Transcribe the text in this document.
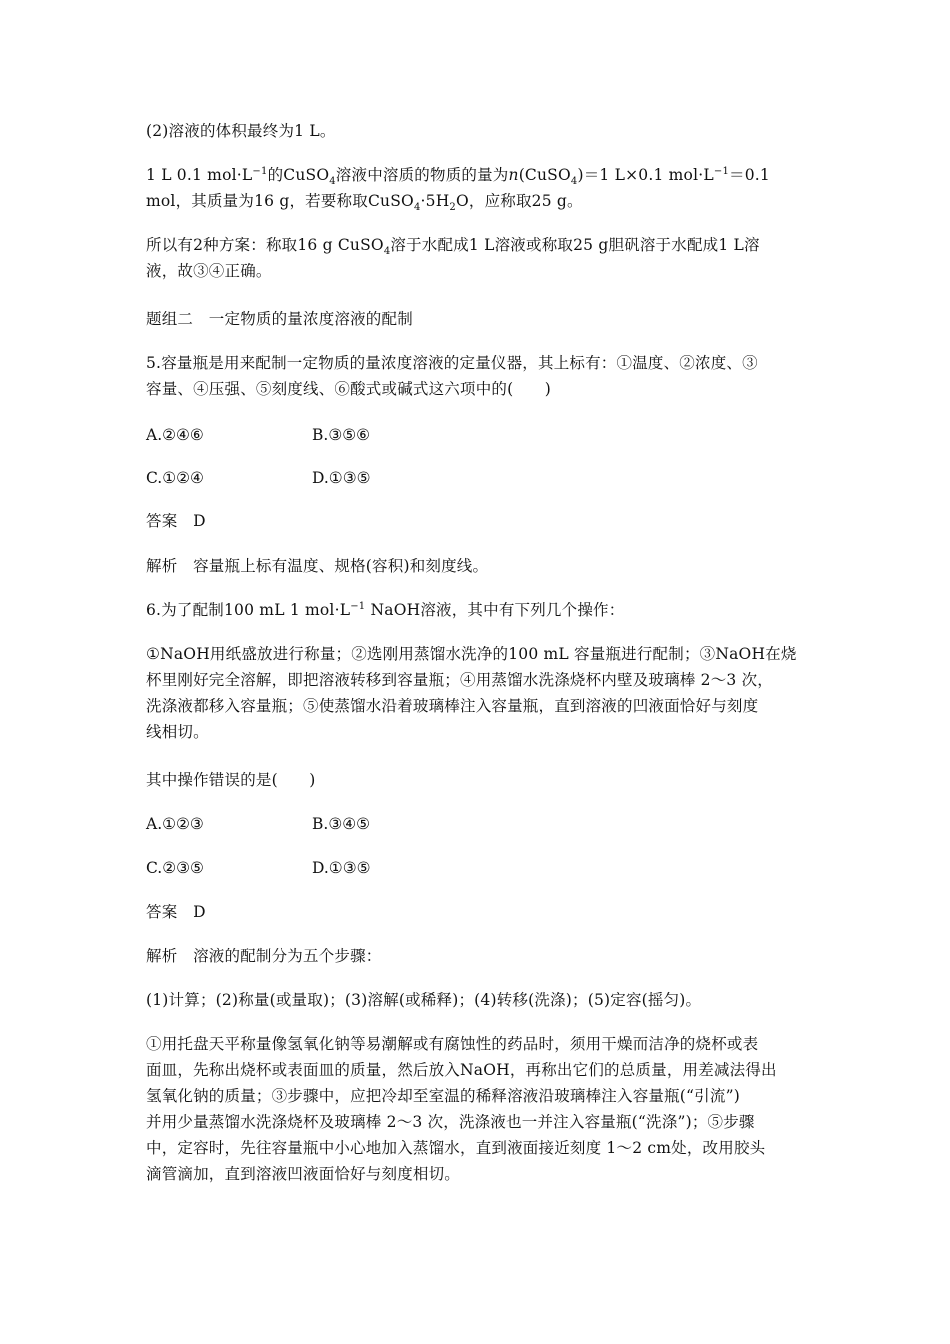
(2)溶液的体积最终为1 L。
1 L 0.1 $mol\cdot L^{-1}$的CuSO$_4$溶液中溶质的物质的量为n(CuSO$_4$)＝1 L×0.1 $mol\cdot L^{-1}=0.1$
mol，其质量为16 g，若要称取$CuSO_4\cdot 5H_2O$，应称取25 g。
所以有2种方案：称取16 g CuSO$_4$溶于水配成1 L溶液或称取25 g胆矾溶于水配成1 L溶
液，故③④正确。
题组二　一定物质的量浓度溶液的配制
5.容量瓶是用来配制一定物质的量浓度溶液的定量仪器，其上标有：①温度、②浓度、③
容量、④压强、⑤刻度线、⑥酸式或碱式这六项中的(　　)
A.②④⑥	B.③⑤⑥
C.①②④	D.①③⑤
答案　D
解析　容量瓶上标有温度、规格(容积)和刻度线。
6.为了配制100 mL 1 $mol\cdot L^{-1}$ NaOH溶液，其中有下列几个操作：
①NaOH用纸盛放进行称量；②选刚用蒸馏水洗净的100 mL 容量瓶进行配制；③NaOH在烧
杯里刚好完全溶解，即把溶液转移到容量瓶；④用蒸馏水洗涤烧杯内壁及玻璃棒 2～3 次，
洗涤液都移入容量瓶；⑤使蒸馏水沿着玻璃棒注入容量瓶，直到溶液的凹液面恰好与刻度
线相切。
其中操作错误的是(　　)
A.①②③	B.③④⑤
C.②③⑤	D.①③⑤
答案　D
解析　溶液的配制分为五个步骤：
(1)计算；(2)称量(或量取)；(3)溶解(或稀释)；(4)转移(洗涤)；(5)定容(摇匀)。
①用托盘天平称量像氢氧化钠等易潮解或有腐蚀性的药品时，须用干燥而洁净的烧杯或表
面皿，先称出烧杯或表面皿的质量，然后放入NaOH，再称出它们的总质量，用差减法得出
氢氧化钠的质量；③步骤中，应把冷却至室温的稀释溶液沿玻璃棒注入容量瓶(“引流”)
并用少量蒸馏水洗涤烧杯及玻璃棒 2～3 次，洗涤液也一并注入容量瓶(“洗涤”)；⑤步骤
中，定容时，先往容量瓶中小心地加入蒸馏水，直到液面接近刻度 1～2 cm处，改用胶头
滴管滴加，直到溶液凹液面恰好与刻度相切。
